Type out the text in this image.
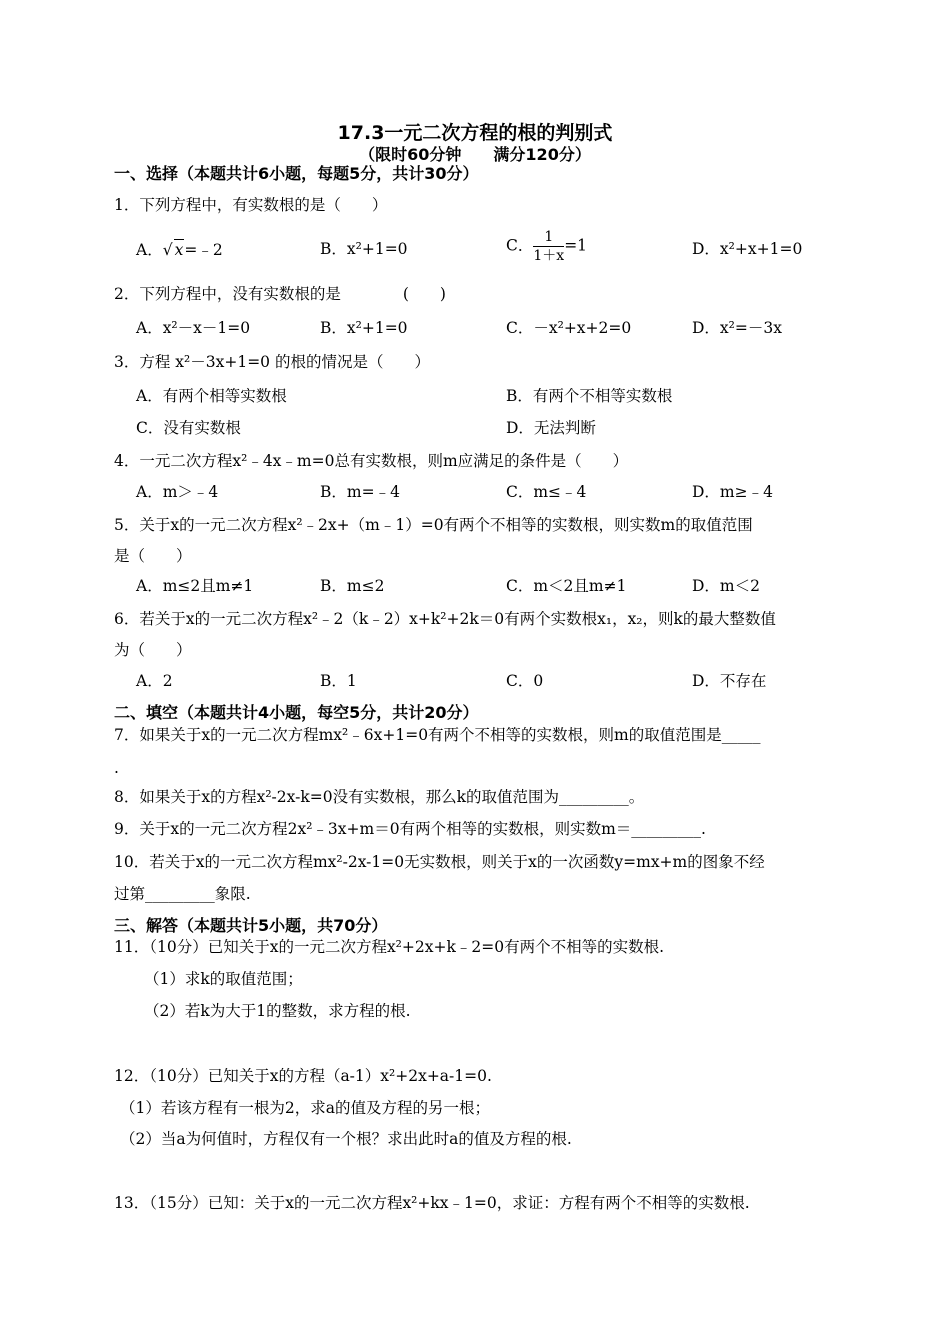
17.3一元二次方程的根的判别式
（限时60分钟　　满分120分）
一、选择（本题共计6小题，每题5分，共计30分）
1．下列方程中，有实数根的是（　　）
A．√ x=﹣2	B．x²+1=0	C． $\frac{1}{1+x} =1$	D．x²+x+1=0
2．下列方程中，没有实数根的是　　　　(　　)
A．x²－x－1=0	B．x²+1=0	C．－x²+x+2=0	D．x²=－3x
3．方程 x²－3x+1=0 的根的情况是（　　）
A．有两个相等实数根	B．有两个不相等实数根
C．没有实数根	D．无法判断
4．一元二次方程x²﹣4x﹣m=0总有实数根，则m应满足的条件是（　　）
A．m＞﹣4	B．m=﹣4	C．m≤﹣4	D．m≥﹣4
5．关于x的一元二次方程x²﹣2x+（m﹣1）=0有两个不相等的实数根，则实数m的取值范围
是（　　）
A．m≤2且m≠1	B．m≤2	C．m＜2且m≠1	D．m＜2
6．若关于x的一元二次方程x²﹣2（k﹣2）x+k²+2k＝0有两个实数根x₁，x₂，则k的最大整数值
为（　　）
A．2	B．1	C．0	D．不存在
二、填空（本题共计4小题，每空5分，共计20分）
7．如果关于x的一元二次方程mx²﹣6x+1=0有两个不相等的实数根，则m的取值范围是_____
.
8．如果关于x的方程x²-2x-k=0没有实数根，那么k的取值范围为_________。
9．关于x的一元二次方程2x²﹣3x+m＝0有两个相等的实数根，则实数m＝_________.
10．若关于x的一元二次方程mx²-2x-1=0无实数根，则关于x的一次函数y=mx+m的图象不经
过第_________象限.
三、解答（本题共计5小题，共70分）
11．（10分）已知关于x的一元二次方程x²+2x+k﹣2=0有两个不相等的实数根.
（1）求k的取值范围；
（2）若k为大于1的整数，求方程的根.
12．（10分）已知关于x的方程（a-1）x²+2x+a-1=0.
（1）若该方程有一根为2，求a的值及方程的另一根；
（2）当a为何值时，方程仅有一个根？求出此时a的值及方程的根.
13．（15分）已知：关于x的一元二次方程x²+kx﹣1=0，求证：方程有两个不相等的实数根.
